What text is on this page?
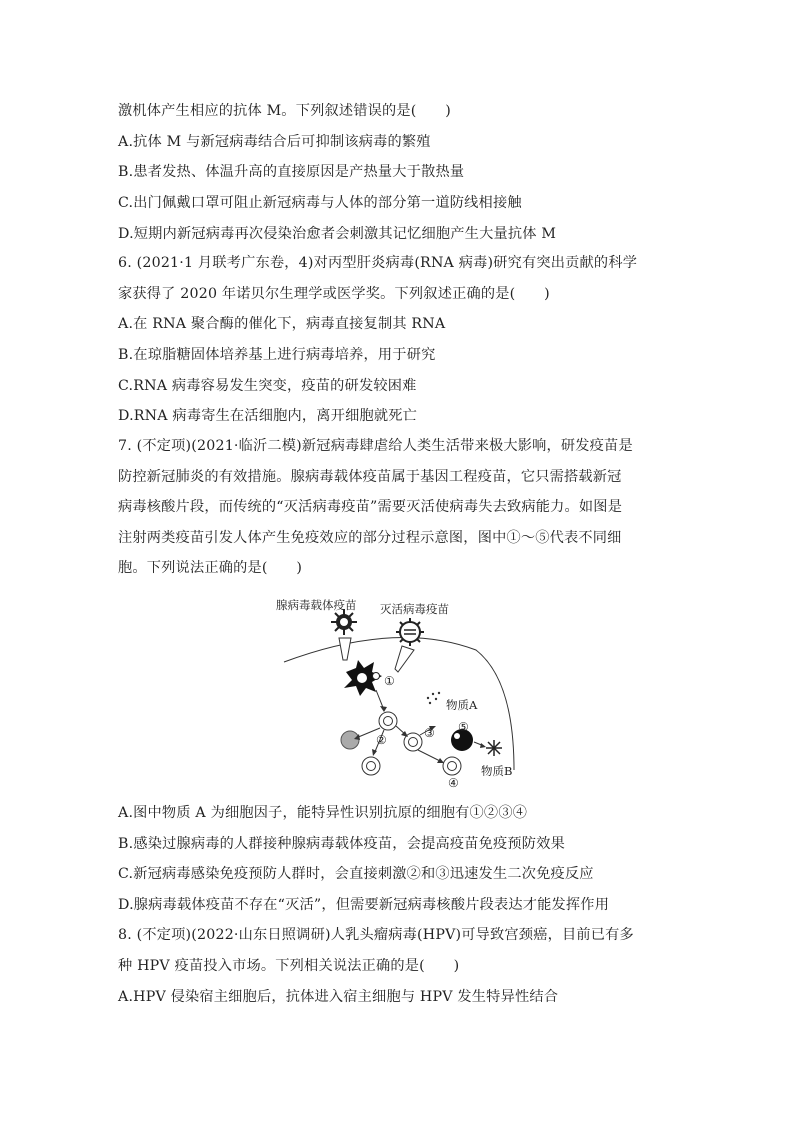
激机体产生相应的抗体 M。下列叙述错误的是(　　)
A.抗体 M 与新冠病毒结合后可抑制该病毒的繁殖
B.患者发热、体温升高的直接原因是产热量大于散热量
C.出门佩戴口罩可阻止新冠病毒与人体的部分第一道防线相接触
D.短期内新冠病毒再次侵染治愈者会刺激其记忆细胞产生大量抗体 M
6. (2021·1 月联考广东卷，4)对丙型肝炎病毒(RNA 病毒)研究有突出贡献的科学
家获得了 2020 年诺贝尔生理学或医学奖。下列叙述正确的是(　　)
A.在 RNA 聚合酶的催化下，病毒直接复制其 RNA
B.在琼脂糖固体培养基上进行病毒培养，用于研究
C.RNA 病毒容易发生突变，疫苗的研发较困难
D.RNA 病毒寄生在活细胞内，离开细胞就死亡
7. (不定项)(2021·临沂二模)新冠病毒肆虐给人类生活带来极大影响，研发疫苗是
防控新冠肺炎的有效措施。腺病毒载体疫苗属于基因工程疫苗，它只需搭载新冠
病毒核酸片段，而传统的“灭活病毒疫苗”需要灭活使病毒失去致病能力。如图是
注射两类疫苗引发人体产生免疫效应的部分过程示意图，图中①～⑤代表不同细
胞。下列说法正确的是(　　)
腺病毒载体疫苗 灭活病毒疫苗
①
物质A
②	③ ⑤
④
物质B
A.图中物质 A 为细胞因子，能特异性识别抗原的细胞有①②③④
B.感染过腺病毒的人群接种腺病毒载体疫苗，会提高疫苗免疫预防效果
C.新冠病毒感染免疫预防人群时，会直接刺激②和③迅速发生二次免疫反应
D.腺病毒载体疫苗不存在“灭活”，但需要新冠病毒核酸片段表达才能发挥作用
8. (不定项)(2022·山东日照调研)人乳头瘤病毒(HPV)可导致宫颈癌，目前已有多
种 HPV 疫苗投入市场。下列相关说法正确的是(　　)
A.HPV 侵染宿主细胞后，抗体进入宿主细胞与 HPV 发生特异性结合
